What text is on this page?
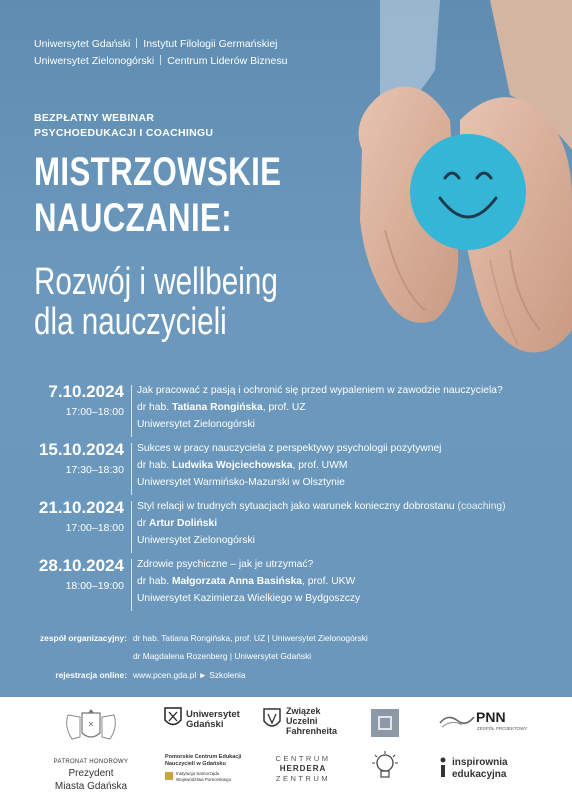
Uniwersytet Gdański Instytut Filologii Germańskiej
Uniwersytet Zielonogórski Centrum Liderów Biznesu
BEZPŁATNY WEBINAR
PSYCHOEDUKACJI I COACHINGU
MISTRZOWSKIE
NAUCZANIE:
Rozwój i wellbeing
dla nauczycieli
7.10.2024
17:00–18:00
Jak pracować z pasją i ochronić się przed wypaleniem w zawodzie nauczyciela?
dr hab. Tatiana Rongińska, prof. UZ
Uniwersytet Zielonogórski
15.10.2024
17:30–18:30
Sukces w pracy nauczyciela z perspektywy psychologii pozytywnej
dr hab. Ludwika Wojciechowska, prof. UWM
Uniwersytet Warmińsko-Mazurski w Olsztynie
21.10.2024
17:00–18:00
Styl relacji w trudnych sytuacjach jako warunek konieczny dobrostanu (coaching)
dr Artur Doliński
Uniwersytet Zielonogórski
28.10.2024
18:00–19:00
Zdrowie psychiczne – jak je utrzymać?
dr hab. Małgorzata Anna Basińska, prof. UKW
Uniwersytet Kazimierza Wielkiego w Bydgoszczy
zespół organizacyjny: dr hab. Tatiana Rongińska, prof. UZ | Uniwersytet Zielonogórski
dr Magdalena Rozenberg | Uniwersytet Gdański
rejestracja online: www.pcen.gda.pl ► Szkolenia
✕
PATRONAT HONOROWY
Prezydent
Miasta Gdańska
Uniwersytet
Gdański
Pomorskie Centrum Edukacji
Nauczycieli w Gdańsku
Instytucja Samorządu
Województwa Pomorskiego
Związek
Uczelni
Fahrenheita
CENTRUM
HERDERA
ZENTRUM
PNN
ZESPÓŁ PROJEKTOWY
inspirownia
edukacyjna
